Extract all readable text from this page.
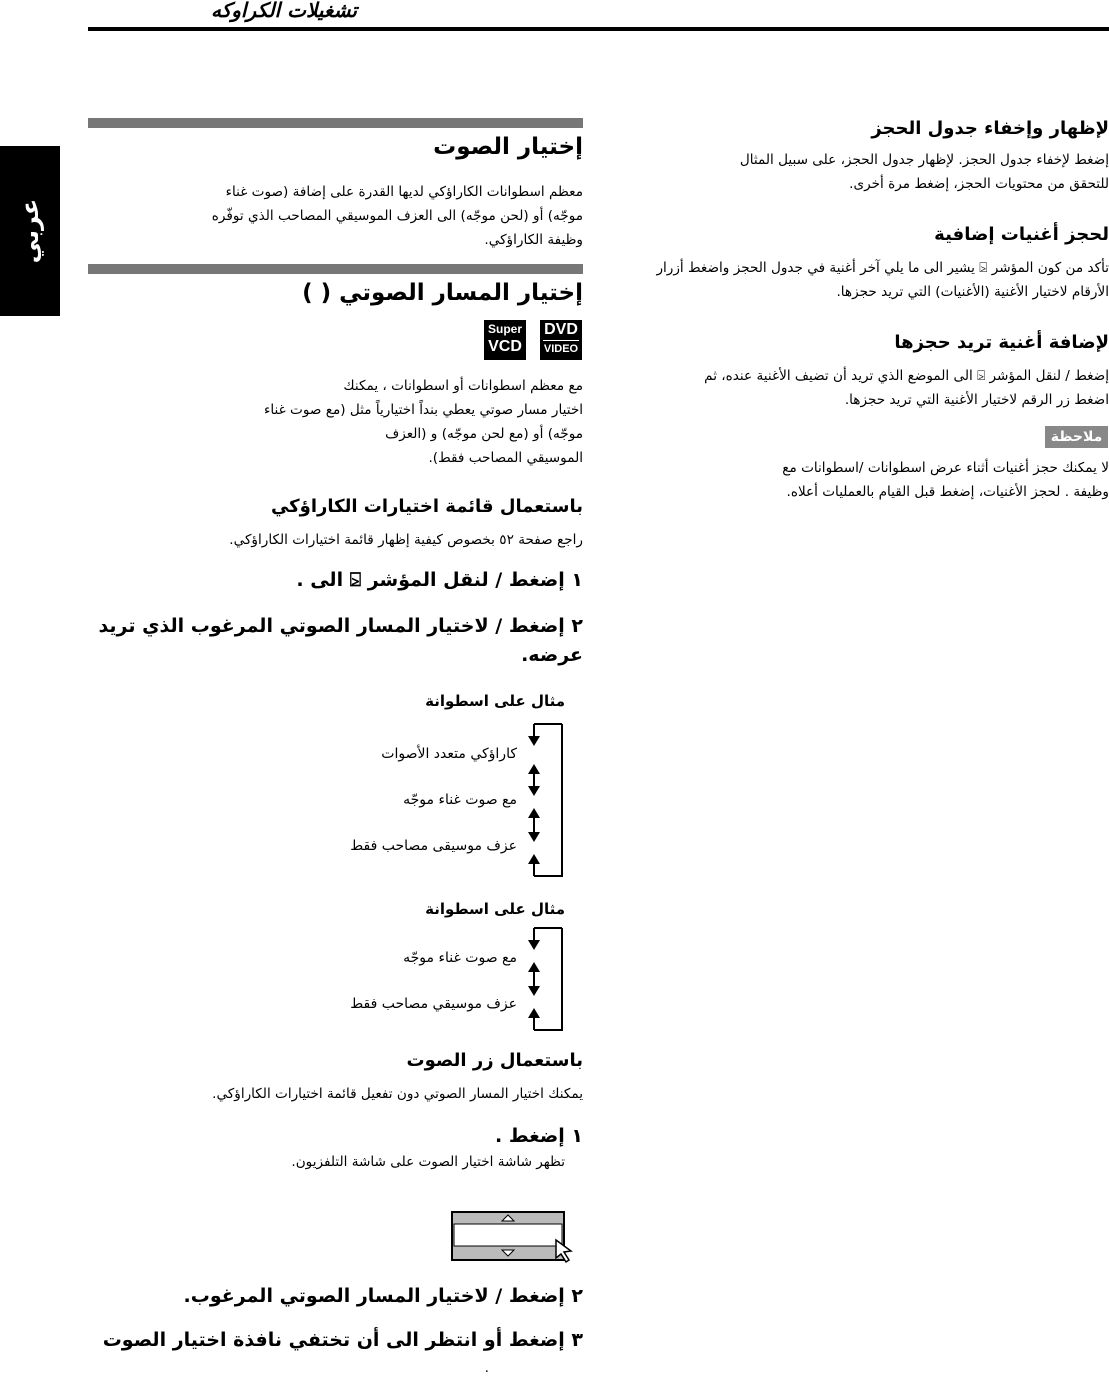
تشغيلات الكراوكه
عربي
إختيار الصوت
معظم اسطوانات الكاراؤكي لديها القدرة على إضافة (صوت غناء
موجّه) أو (لحن موجّه) الى العزف الموسيقي المصاحب الذي توفّره
وظيفة الكاراؤكي.
إختيار المسار الصوتي ( )
DVD
VIDEO
Super
VCD
مع معظم اسطوانات أو اسطوانات ، يمكنك
اختيار مسار صوتي يعطي بنداً اختيارياً مثل (مع صوت غناء
موجّه) أو (مع لحن موجّه) و (العزف
الموسيقي المصاحب فقط).
باستعمال قائمة اختيارات الكاراؤكي
راجع صفحة ٥٢ بخصوص كيفية إظهار قائمة اختيارات الكاراؤكي.
١ إضغط / لنقل المؤشر ⍄ الى .
٢ إضغط / لاختيار المسار الصوتي المرغوب الذي تريد
عرضه.
مثال على اسطوانة
كاراؤكي متعدد الأصوات
مع صوت غناء موجّه
عزف موسيقى مصاحب فقط
مثال على اسطوانة
مع صوت غناء موجّه
عزف موسيقي مصاحب فقط
باستعمال زر الصوت
يمكنك اختيار المسار الصوتي دون تفعيل قائمة اختيارات الكاراؤكي.
١ إضغط .
تظهر شاشة اختيار الصوت على شاشة التلفزيون.
٢ إضغط / لاختيار المسار الصوتي المرغوب.
٣ إضغط أو انتظر الى أن تختفي نافذة اختيار الصوت
.
لإظهار وإخفاء جدول الحجز
إضغط لإخفاء جدول الحجز. لإظهار جدول الحجز، على سبيل المثال
للتحقق من محتويات الحجز، إضغط مرة أخرى.
لحجز أغنيات إضافية
تأكد من كون المؤشر ⍄ يشير الى ما يلي آخر أغنية في جدول الحجز واضغط أزرار
الأرقام لاختيار الأغنية (الأغنيات) التي تريد حجزها.
لإضافة أغنية تريد حجزها
إضغط / لنقل المؤشر ⍄ الى الموضع الذي تريد أن تضيف الأغنية عنده، ثم
اضغط زر الرقم لاختيار الأغنية التي تريد حجزها.
ملاحظة
لا يمكنك حجز أغنيات أثناء عرض اسطوانات /اسطوانات مع
وظيفة . لحجز الأغنيات، إضغط قبل القيام بالعمليات أعلاه.
